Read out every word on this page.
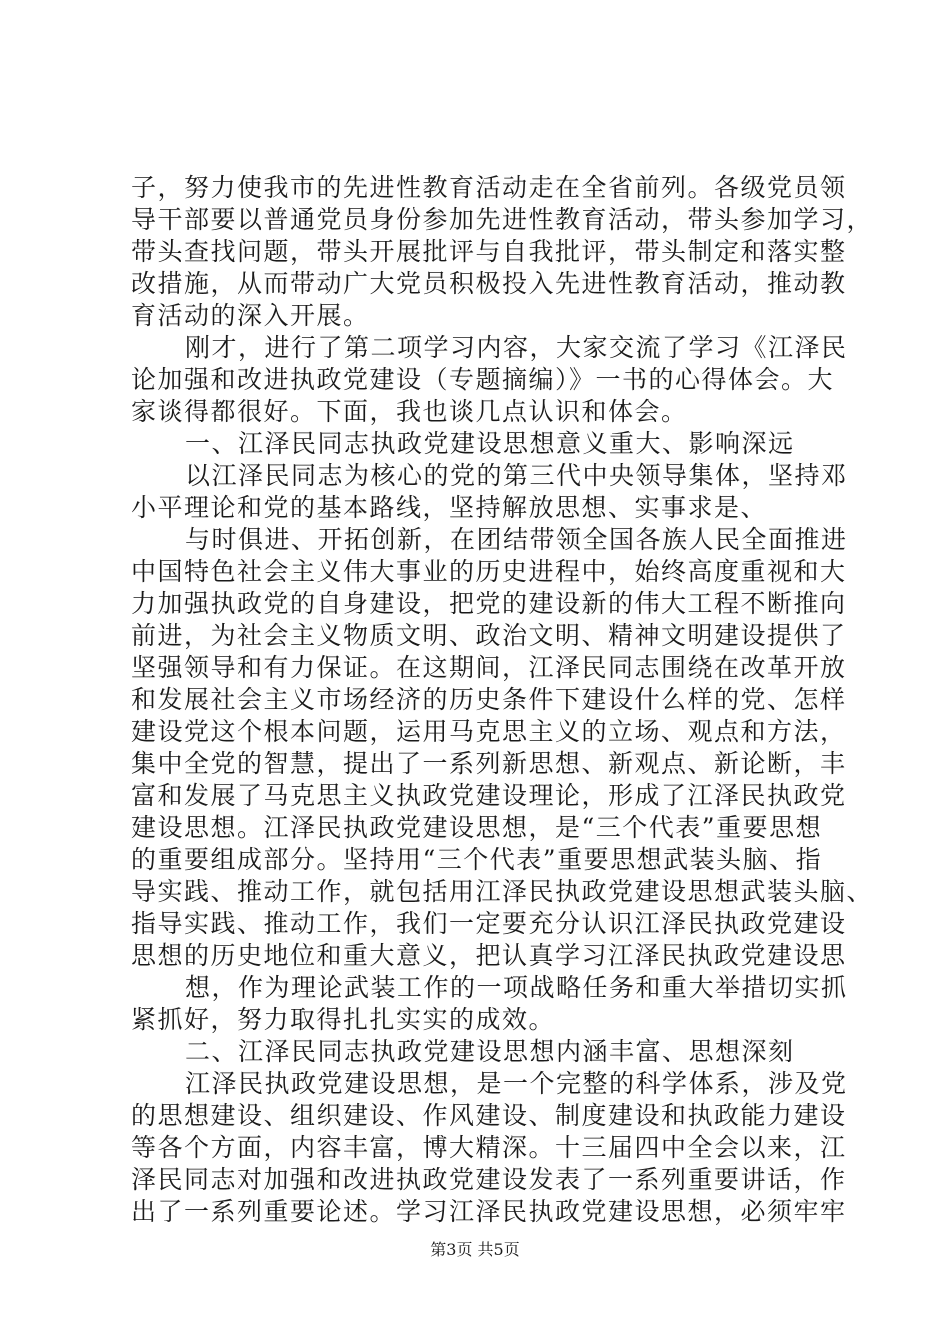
子，努力使我市的先进性教育活动走在全省前列。各级党员领
导干部要以普通党员身份参加先进性教育活动，带头参加学习，
带头查找问题，带头开展批评与自我批评，带头制定和落实整
改措施，从而带动广大党员积极投入先进性教育活动，推动教
育活动的深入开展。
刚才，进行了第二项学习内容，大家交流了学习《江泽民
论加强和改进执政党建设（专题摘编）》一书的心得体会。大
家谈得都很好。下面，我也谈几点认识和体会。
一、江泽民同志执政党建设思想意义重大、影响深远
以江泽民同志为核心的党的第三代中央领导集体，坚持邓
小平理论和党的基本路线，坚持解放思想、实事求是、
与时俱进、开拓创新，在团结带领全国各族人民全面推进
中国特色社会主义伟大事业的历史进程中，始终高度重视和大
力加强执政党的自身建设，把党的建设新的伟大工程不断推向
前进，为社会主义物质文明、政治文明、精神文明建设提供了
坚强领导和有力保证。在这期间，江泽民同志围绕在改革开放
和发展社会主义市场经济的历史条件下建设什么样的党、怎样
建设党这个根本问题，运用马克思主义的立场、观点和方法，
集中全党的智慧，提出了一系列新思想、新观点、新论断，丰
富和发展了马克思主义执政党建设理论，形成了江泽民执政党
建设思想。江泽民执政党建设思想，是“三个代表”重要思想
的重要组成部分。坚持用“三个代表”重要思想武装头脑、指
导实践、推动工作，就包括用江泽民执政党建设思想武装头脑、
指导实践、推动工作，我们一定要充分认识江泽民执政党建设
思想的历史地位和重大意义，把认真学习江泽民执政党建设思
想，作为理论武装工作的一项战略任务和重大举措切实抓
紧抓好，努力取得扎扎实实的成效。
二、江泽民同志执政党建设思想内涵丰富、思想深刻
江泽民执政党建设思想，是一个完整的科学体系，涉及党
的思想建设、组织建设、作风建设、制度建设和执政能力建设
等各个方面，内容丰富，博大精深。十三届四中全会以来，江
泽民同志对加强和改进执政党建设发表了一系列重要讲话，作
出了一系列重要论述。学习江泽民执政党建设思想，必须牢牢
第3页 共5页
